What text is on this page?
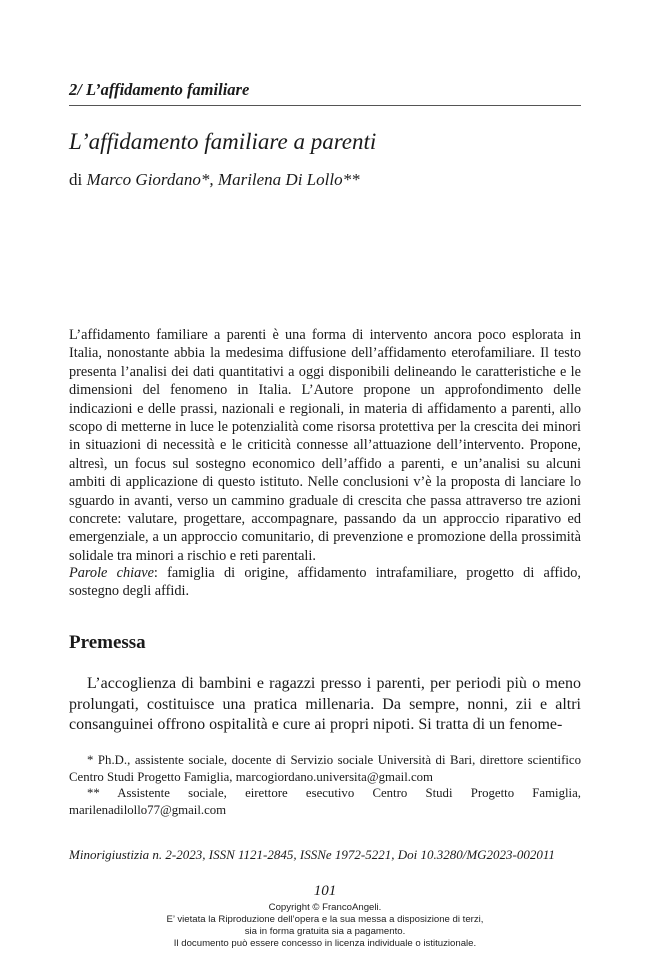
2/ L’affidamento familiare
L’affidamento familiare a parenti
di Marco Giordano*, Marilena Di Lollo**
L’affidamento familiare a parenti è una forma di intervento ancora poco esplorata in Italia, nonostante abbia la medesima diffusione dell’affidamento eterofamiliare. Il testo presenta l’analisi dei dati quantitativi a oggi disponibili delineando le caratteristiche e le dimensioni del fenomeno in Italia. L’Autore propone un approfondimento delle indicazioni e delle prassi, nazionali e regionali, in materia di affidamento a parenti, allo scopo di metterne in luce le potenzialità come risorsa protettiva per la crescita dei minori in situazioni di necessità e le criticità connesse all’attuazione dell’intervento. Propone, altresì, un focus sul sostegno economico dell’affido a parenti, e un’analisi su alcuni ambiti di applicazione di questo istituto. Nelle conclusioni v’è la proposta di lanciare lo sguardo in avanti, verso un cammino graduale di crescita che passa attraverso tre azioni concrete: valutare, progettare, accompagnare, passando da un approccio riparativo ed emergenziale, a un approccio comunitario, di prevenzione e promozione della prossimità solidale tra minori a rischio e reti parentali.
Parole chiave: famiglia di origine, affidamento intrafamiliare, progetto di affido, sostegno degli affidi.
Premessa
L’accoglienza di bambini e ragazzi presso i parenti, per periodi più o meno prolungati, costituisce una pratica millenaria. Da sempre, nonni, zii e altri consanguinei offrono ospitalità e cure ai propri nipoti. Si tratta di un fenome-

* Ph.D., assistente sociale, docente di Servizio sociale Università di Bari, direttore scientifico Centro Studi Progetto Famiglia, marcogiordano.universita@gmail.com

** Assistente sociale, eirettore esecutivo Centro Studi Progetto Famiglia, marilenadilollo77@gmail.com

Minorigiustizia n. 2-2023, ISSN 1121-2845, ISSNe 1972-5221, Doi 10.3280/MG2023-002011
101
Copyright © FrancoAngeli.
E’ vietata la Riproduzione dell’opera e la sua messa a disposizione di terzi,
sia in forma gratuita sia a pagamento.
Il documento può essere concesso in licenza individuale o istituzionale.
